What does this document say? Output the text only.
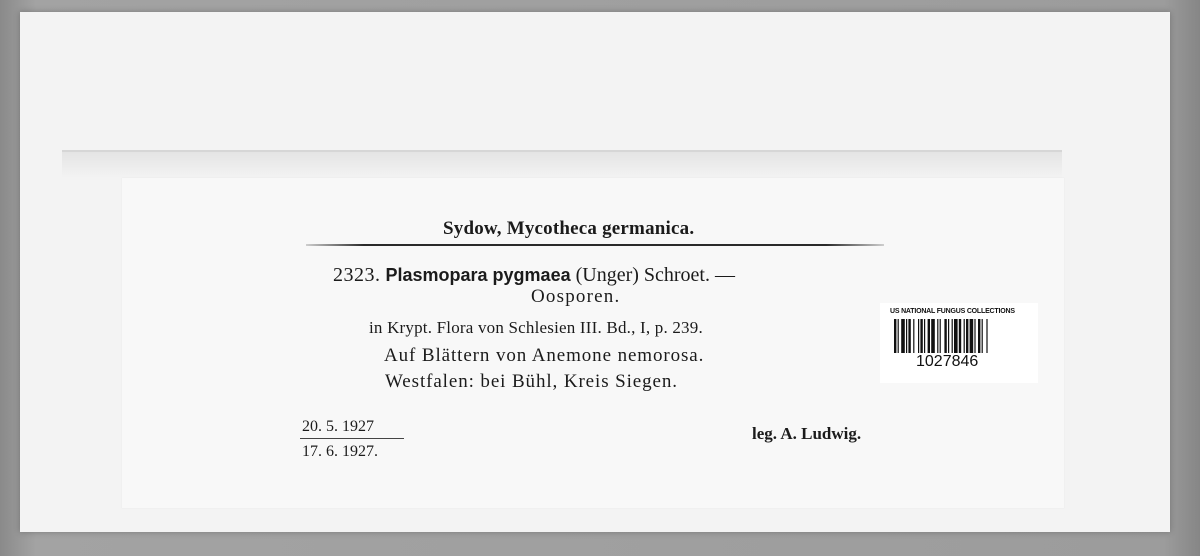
Sydow, Mycotheca germanica.
2323. Plasmopara pygmaea (Unger) Schroet. —
Oosporen.
in Krypt. Flora von Schlesien III. Bd., I, p. 239.
Auf Blättern von Anemone nemorosa.
Westfalen: bei Bühl, Kreis Siegen.
20. 5. 1927
17. 6. 1927.
leg. A. Ludwig.
US NATIONAL FUNGUS COLLECTIONS
1027846
